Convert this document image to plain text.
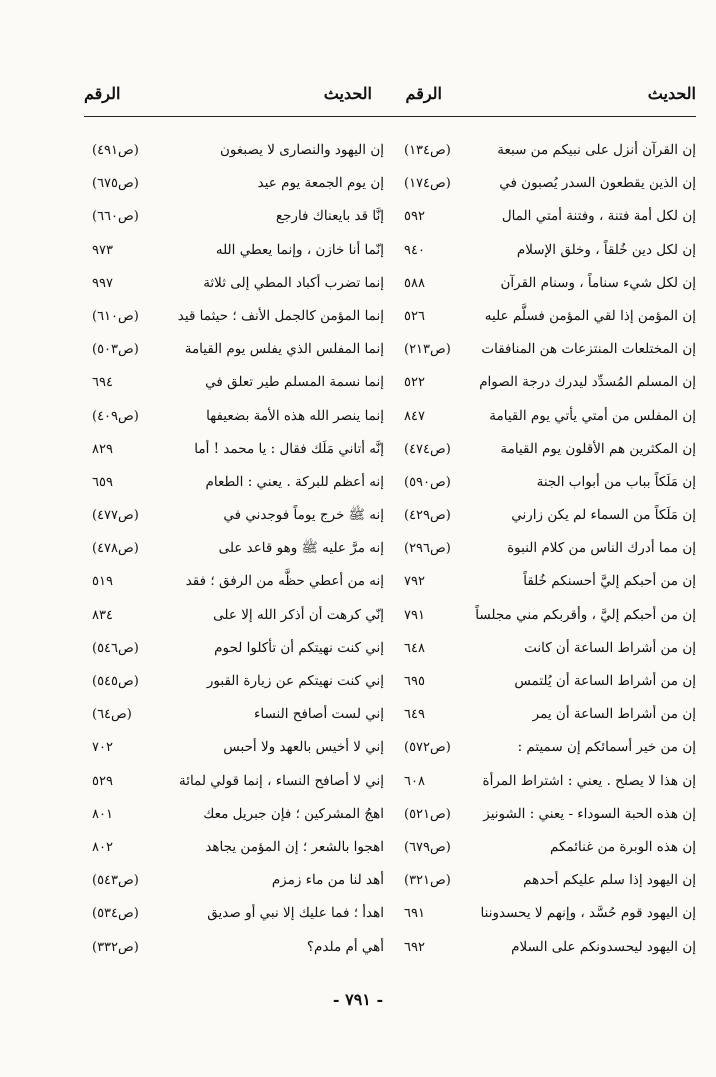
الحديث
الرقم
الحديث
الرقم
إن القرآن أنزل على نبيكم من سبعة
(ص١٣٤)
إن الذين يقطعون السدر يُصبون في
(ص١٧٤)
إن لكل أمة فتنة ، وفتنة أمتي المال
٥٩٢
إن لكل دين خُلقاً ، وخلق الإسلام
٩٤٠
إن لكل شيء سناماً ، وسنام القرآن
٥٨٨
إن المؤمن إذا لقي المؤمن فسلَّم عليه
٥٢٦
إن المختلعات المنتزعات هن المنافقات
(ص٢١٣)
إن المسلم المُسدِّد ليدرك درجة الصوام
٥٢٢
إن المفلس من أمتي يأتي يوم القيامة
٨٤٧
إن المكثرين هم الأقلون يوم القيامة
(ص٤٧٤)
إن مَلَكاً بباب من أبواب الجنة
(ص٥٩٠)
إن مَلَكاً من السماء لم يكن زارني
(ص٤٢٩)
إن مما أدرك الناس من كلام النبوة
(ص٢٩٦)
إن من أحبكم إليَّ أحسنكم خُلقاً
٧٩٢
إن من أحبكم إليَّ ، وأقربكم مني مجلساً
٧٩١
إن من أشراط الساعة أن كانت
٦٤٨
إن من أشراط الساعة أن يُلتمس
٦٩٥
إن من أشراط الساعة أن يمر
٦٤٩
إن من خير أسمائكم إن سميتم :
(ص٥٧٢)
إن هذا لا يصلح . يعني : اشتراط المرأة
٦٠٨
إن هذه الحبة السوداء - يعني : الشونيز
(ص٥٢١)
إن هذه الوبرة من غنائمكم
(ص٦٧٩)
إن اليهود إذا سلم عليكم أحدهم
(ص٣٢١)
إن اليهود قوم حُسَّد ، وإنهم لا يحسدوننا
٦٩١
إن اليهود ليحسدونكم على السلام
٦٩٢
إن اليهود والنصارى لا يصبغون
(ص٤٩١)
إن يوم الجمعة يوم عيد
(ص٦٧٥)
إنَّا قد بايعناك فارجع
(ص٦٦٠)
إنّما أنا خازن ، وإنما يعطي الله
٩٧٣
إنما تضرب أكباد المطي إلى ثلاثة
٩٩٧
إنما المؤمن كالجمل الأنف ؛ حيثما قيد
(ص٦١٠)
إنما المفلس الذي يفلس يوم القيامة
(ص٥٠٣)
إنما نسمة المسلم طير تعلق في
٦٩٤
إنما ينصر الله هذه الأمة بضعيفها
(ص٤٠٩)
إنَّه أتاني مَلَك فقال : يا محمد ! أما
٨٢٩
إنه أعظم للبركة . يعني : الطعام
٦٥٩
إنه ﷺ خرج يوماً فوجدني في
(ص٤٧٧)
إنه مرَّ عليه ﷺ وهو قاعد على
(ص٤٧٨)
إنه من أعطي حظَّه من الرفق ؛ فقد
٥١٩
إنّي كرهت أن أذكر الله إلا على
٨٣٤
إني كنت نهيتكم أن تأكلوا لحوم
(ص٥٤٦)
إني كنت نهيتكم عن زيارة القبور
(ص٥٤٥)
إني لست أصافح النساء
(ص٦٤)
إني لا أخيس بالعهد ولا أحبس
٧٠٢
إني لا أصافح النساء ، إنما قولي لمائة
٥٢٩
اهجُ المشركين ؛ فإن جبريل معك
٨٠١
اهجوا بالشعر ؛ إن المؤمن يجاهد
٨٠٢
أهد لنا من ماء زمزم
(ص٥٤٣)
اهدأ ؛ فما عليك إلا نبي أو صديق
(ص٥٣٤)
أهي أم ملدم؟
(ص٣٣٢)
- ٧٩١ -
